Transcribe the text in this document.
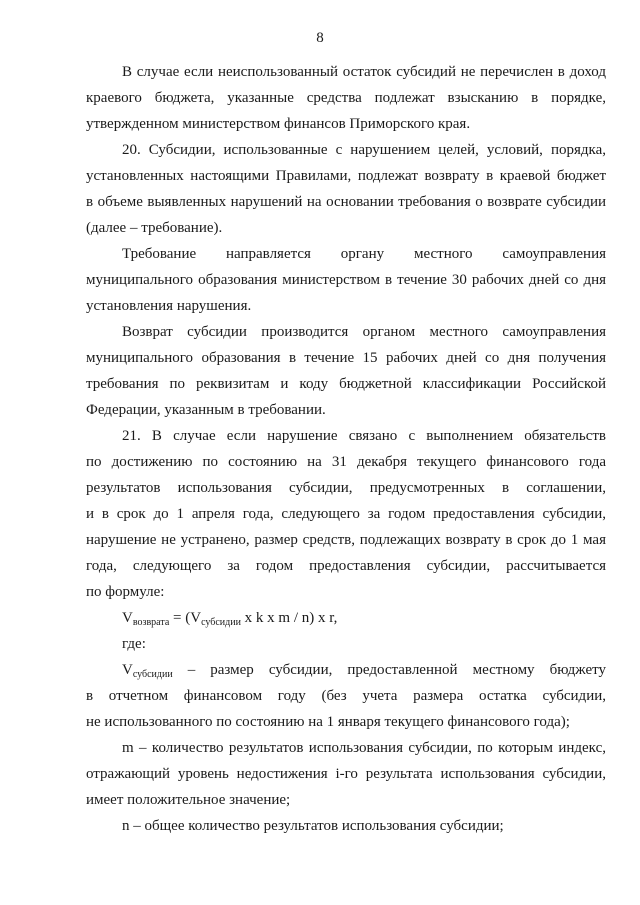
8
В случае если неиспользованный остаток субсидий не перечислен в доход
краевого бюджета, указанные средства подлежат взысканию в порядке,
утвержденном министерством финансов Приморского края.
20. Субсидии, использованные с нарушением целей, условий, порядка,
установленных настоящими Правилами, подлежат возврату в краевой бюджет
в объеме выявленных нарушений на основании требования о возврате субсидии
(далее – требование).
Требование направляется органу местного самоуправления
муниципального образования министерством в течение 30 рабочих дней со дня
установления нарушения.
Возврат субсидии производится органом местного самоуправления
муниципального образования в течение 15 рабочих дней со дня получения
требования по реквизитам и коду бюджетной классификации Российской
Федерации, указанным в требовании.
21. В случае если нарушение связано с выполнением обязательств
по достижению по состоянию на 31 декабря текущего финансового года
результатов использования субсидии, предусмотренных в соглашении,
и в срок до 1 апреля года, следующего за годом предоставления субсидии,
нарушение не устранено, размер средств, подлежащих возврату в срок до 1 мая
года, следующего за годом предоставления субсидии, рассчитывается
по формуле:
$V_{возврата} = (V_{субсидии}$ x k x m / n) x r,
где:
$V_{субсидии}$ – размер субсидии, предоставленной местному бюджету
в отчетном финансовом году (без учета размера остатка субсидии,
не использованного по состоянию на 1 января текущего финансового года);
m – количество результатов использования субсидии, по которым индекс,
отражающий уровень недостижения i-го результата использования субсидии,
имеет положительное значение;
n – общее количество результатов использования субсидии;
